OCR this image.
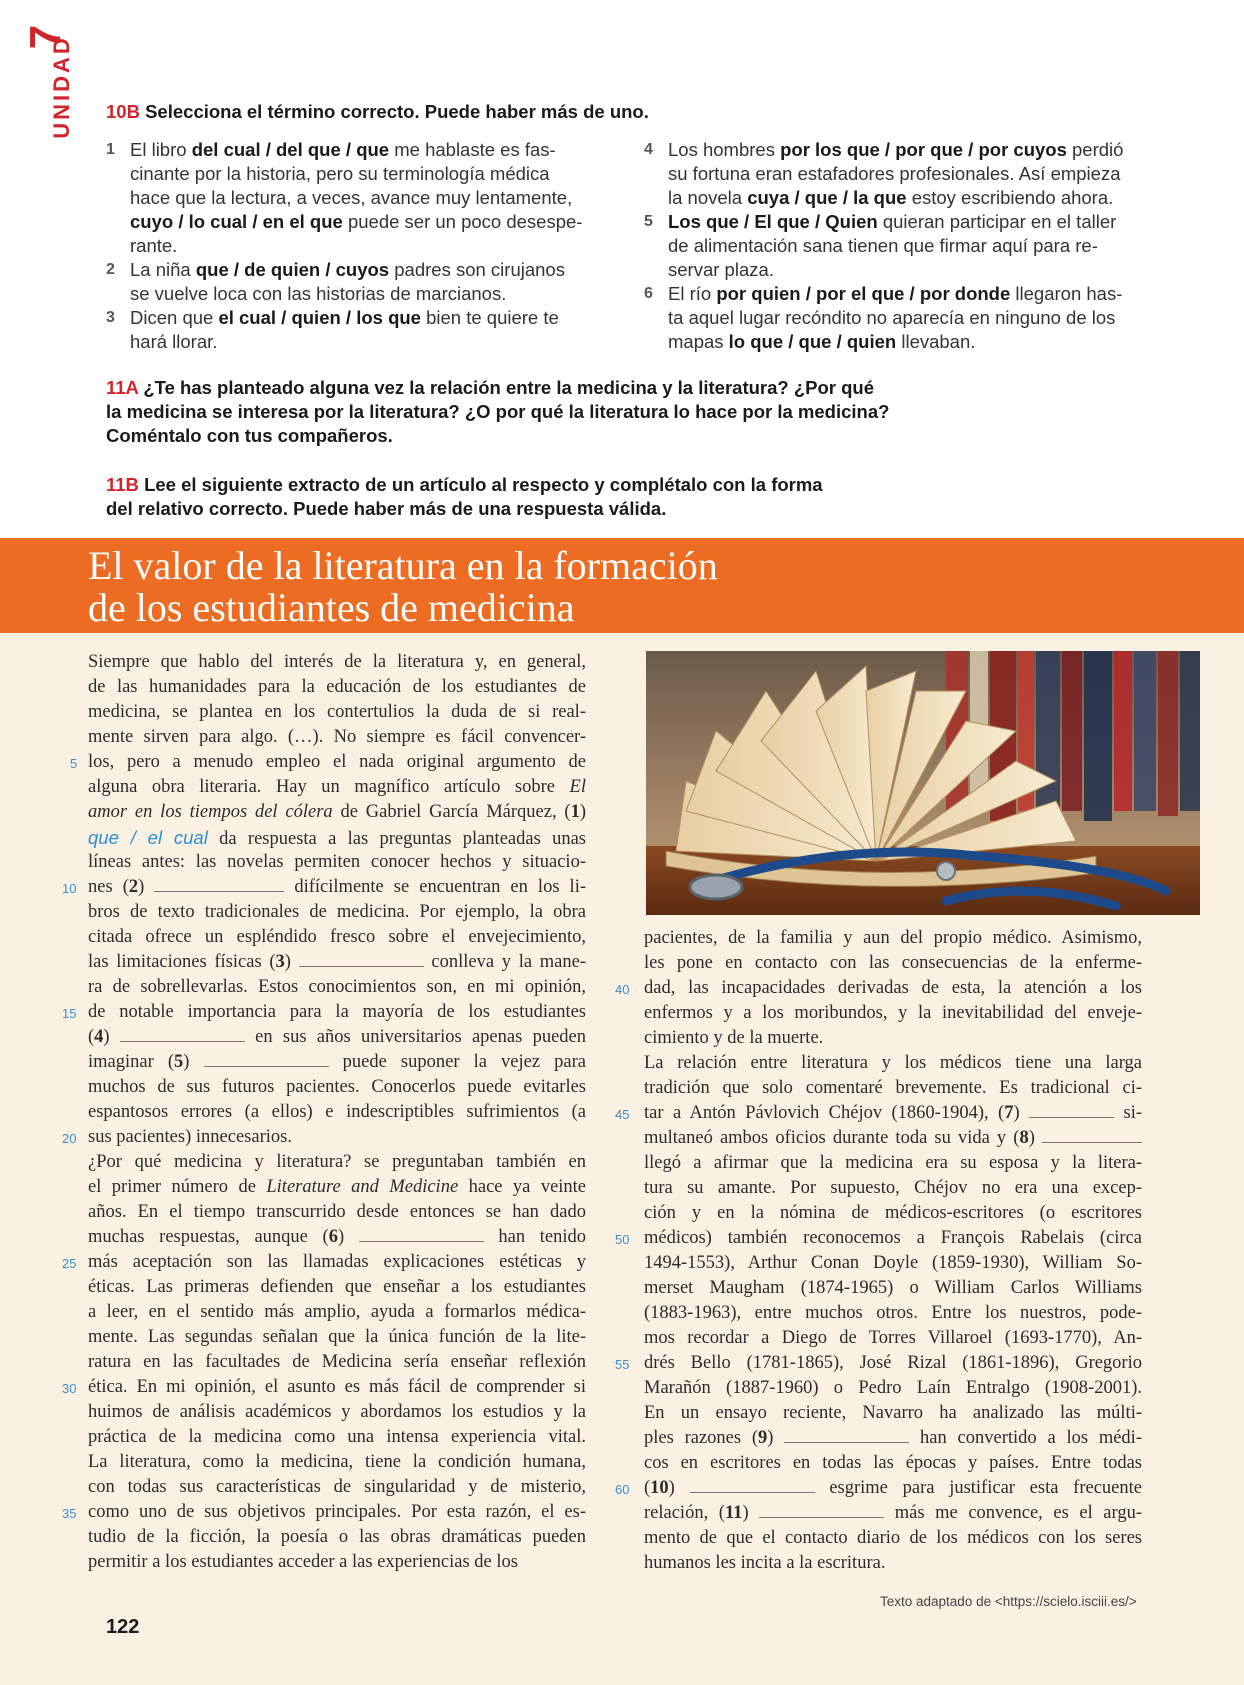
7
UNIDAD 10B Selecciona el término correcto. Puede haber más de uno.
1 El libro del cual / del que / que me hablaste es fas-
cinante por la historia, pero su terminología médica
hace que la lectura, a veces, avance muy lentamente,
cuyo / lo cual / en el que puede ser un poco desespe-
rante.
2 La niña que / de quien / cuyos padres son cirujanos
se vuelve loca con las historias de marcianos.
3 Dicen que el cual / quien / los que bien te quiere te
hará llorar.
4 Los hombres por los que / por que / por cuyos perdió
su fortuna eran estafadores profesionales. Así empieza
la novela cuya / que / la que estoy escribiendo ahora.
5 Los que / El que / Quien quieran participar en el taller
de alimentación sana tienen que firmar aquí para re-
servar plaza.
6 El río por quien / por el que / por donde llegaron has-
ta aquel lugar recóndito no aparecía en ninguno de los
mapas lo que / que / quien llevaban.
11A ¿Te has planteado alguna vez la relación entre la medicina y la literatura? ¿Por qué
la medicina se interesa por la literatura? ¿O por qué la literatura lo hace por la medicina?
Coméntalo con tus compañeros.
11B Lee el siguiente extracto de un artículo al respecto y complétalo con la forma
del relativo correcto. Puede haber más de una respuesta válida.
El valor de la literatura en la formación
de los estudiantes de medicina
Siempre que hablo del interés de la literatura y, en general,
de las humanidades para la educación de los estudiantes de
medicina, se plantea en los contertulios la duda de si real-
mente sirven para algo. (…). No siempre es fácil convencer-
los, pero a menudo empleo el nada original argumento de
alguna obra literaria. Hay un magnífico artículo sobre El
amor en los tiempos del cólera de Gabriel García Márquez, (1)
que / el cual da respuesta a las preguntas planteadas unas
líneas antes: las novelas permiten conocer hechos y situacio-
nes (2)	difícilmente se encuentran en los li-
bros de texto tradicionales de medicina. Por ejemplo, la obra
citada ofrece un espléndido fresco sobre el envejecimiento,
las limitaciones físicas (3)	conlleva y la mane-
ra de sobrellevarlas. Estos conocimientos son, en mi opinión,
de notable importancia para la mayoría de los estudiantes
(4)	en sus años universitarios apenas pueden
imaginar (5)	puede suponer la vejez para
muchos de sus futuros pacientes. Conocerlos puede evitarles
espantosos errores (a ellos) e indescriptibles sufrimientos (a
sus pacientes) innecesarios.
¿Por qué medicina y literatura? se preguntaban también en
el primer número de Literature and Medicine hace ya veinte
años. En el tiempo transcurrido desde entonces se han dado
muchas respuestas, aunque (6)	han tenido
más aceptación son las llamadas explicaciones estéticas y
éticas. Las primeras defienden que enseñar a los estudiantes
a leer, en el sentido más amplio, ayuda a formarlos médica-
mente. Las segundas señalan que la única función de la lite-
ratura en las facultades de Medicina sería enseñar reflexión
ética. En mi opinión, el asunto es más fácil de comprender si
huimos de análisis académicos y abordamos los estudios y la
práctica de la medicina como una intensa experiencia vital.
La literatura, como la medicina, tiene la condición humana,
con todas sus características de singularidad y de misterio,
como uno de sus objetivos principales. Por esta razón, el es-
tudio de la ficción, la poesía o las obras dramáticas pueden
permitir a los estudiantes acceder a las experiencias de los
pacientes, de la familia y aun del propio médico. Asimismo,
les pone en contacto con las consecuencias de la enferme-
dad, las incapacidades derivadas de esta, la atención a los
enfermos y a los moribundos, y la inevitabilidad del enveje-
cimiento y de la muerte.
La relación entre literatura y los médicos tiene una larga
tradición que solo comentaré brevemente. Es tradicional ci-
tar a Antón Pávlovich Chéjov (1860-1904), (7)	si-
multaneó ambos oficios durante toda su vida y (8)
llegó a afirmar que la medicina era su esposa y la litera-
tura su amante. Por supuesto, Chéjov no era una excep-
ción y en la nómina de médicos-escritores (o escritores
médicos) también reconocemos a François Rabelais (circa
1494-1553), Arthur Conan Doyle (1859-1930), William So-
merset Maugham (1874-1965) o William Carlos Williams
(1883-1963), entre muchos otros. Entre los nuestros, pode-
mos recordar a Diego de Torres Villaroel (1693-1770), An-
drés Bello (1781-1865), José Rizal (1861-1896), Gregorio
Marañón (1887-1960) o Pedro Laín Entralgo (1908-2001).
En un ensayo reciente, Navarro ha analizado las múlti-
ples razones (9)	han convertido a los médi-
cos en escritores en todas las épocas y países. Entre todas
(10)	esgrime para justificar esta frecuente
relación, (11)	más me convence, es el argu-
mento de que el contacto diario de los médicos con los seres
humanos les incita a la escritura.
5
10
15
20
25
30
35
40
45
50
55
60
Texto adaptado de <https://scielo.isciii.es/>
122
